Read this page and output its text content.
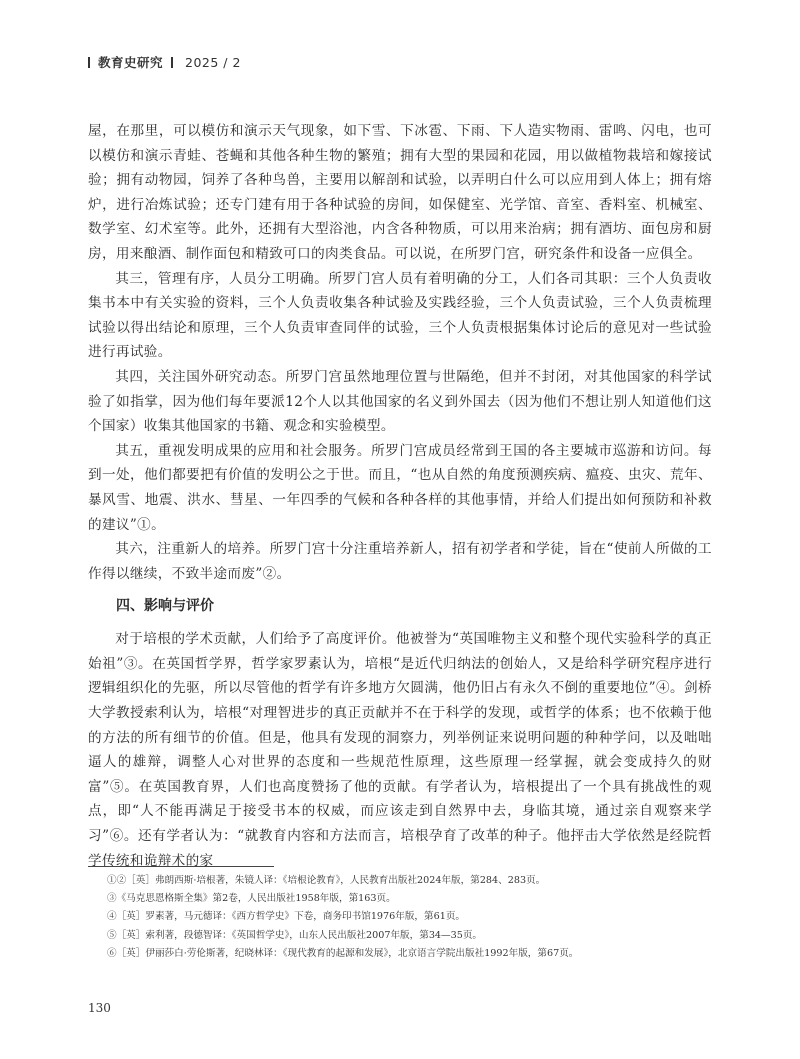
教育史研究 2025 / 2

屋，在那里，可以模仿和演示天气现象，如下雪、下冰雹、下雨、下人造实物雨、雷鸣、闪电，也可以模仿和演示青蛙、苍蝇和其他各种生物的繁殖；拥有大型的果园和花园，用以做植物栽培和嫁接试验；拥有动物园，饲养了各种鸟兽，主要用以解剖和试验，以弄明白什么可以应用到人体上；拥有熔炉，进行冶炼试验；还专门建有用于各种试验的房间，如保健室、光学馆、音室、香料室、机械室、数学室、幻术室等。此外，还拥有大型浴池，内含各种物质，可以用来治病；拥有酒坊、面包房和厨房，用来酿酒、制作面包和精致可口的肉类食品。可以说，在所罗门宫，研究条件和设备一应俱全。

其三，管理有序，人员分工明确。所罗门宫人员有着明确的分工，人们各司其职：三个人负责收集书本中有关实验的资料，三个人负责收集各种试验及实践经验，三个人负责试验，三个人负责梳理试验以得出结论和原理，三个人负责审查同伴的试验，三个人负责根据集体讨论后的意见对一些试验进行再试验。

其四，关注国外研究动态。所罗门宫虽然地理位置与世隔绝，但并不封闭，对其他国家的科学试验了如指掌，因为他们每年要派12个人以其他国家的名义到外国去（因为他们不想让别人知道他们这个国家）收集其他国家的书籍、观念和实验模型。

其五，重视发明成果的应用和社会服务。所罗门宫成员经常到王国的各主要城市巡游和访问。每到一处，他们都要把有价值的发明公之于世。而且，“也从自然的角度预测疾病、瘟疫、虫灾、荒年、暴风雪、地震、洪水、彗星、一年四季的气候和各种各样的其他事情，并给人们提出如何预防和补救的建议”①。

其六，注重新人的培养。所罗门宫十分注重培养新人，招有初学者和学徒，旨在“使前人所做的工作得以继续，不致半途而废”②。

四、影响与评价

对于培根的学术贡献，人们给予了高度评价。他被誉为“英国唯物主义和整个现代实验科学的真正始祖”③。在英国哲学界，哲学家罗素认为，培根“是近代归纳法的创始人，又是给科学研究程序进行逻辑组织化的先驱，所以尽管他的哲学有许多地方欠圆满，他仍旧占有永久不倒的重要地位”④。剑桥大学教授索利认为，培根“对理智进步的真正贡献并不在于科学的发现，或哲学的体系；也不依赖于他的方法的所有细节的价值。但是，他具有发现的洞察力，列举例证来说明问题的种种学问，以及咄咄逼人的雄辩，调整人心对世界的态度和一些规范性原理，这些原理一经掌握，就会变成持久的财富”⑤。在英国教育界，人们也高度赞扬了他的贡献。有学者认为，培根提出了一个具有挑战性的观点，即“人不能再满足于接受书本的权威，而应该走到自然界中去，身临其境，通过亲自观察来学习”⑥。还有学者认为：“就教育内容和方法而言，培根孕育了改革的种子。他抨击大学依然是经院哲学传统和诡辩术的家

①②［英］弗朗西斯·培根著，朱镜人译：《培根论教育》，人民教育出版社2024年版，第284、283页。
③《马克思恩格斯全集》第2卷，人民出版社1958年版，第163页。
④［英］罗素著，马元德译：《西方哲学史》下卷，商务印书馆1976年版，第61页。
⑤［英］索利著，段德智译：《英国哲学史》，山东人民出版社2007年版，第34—35页。
⑥［英］伊丽莎白·劳伦斯著，纪晓林译：《现代教育的起源和发展》，北京语言学院出版社1992年版，第67页。
130
